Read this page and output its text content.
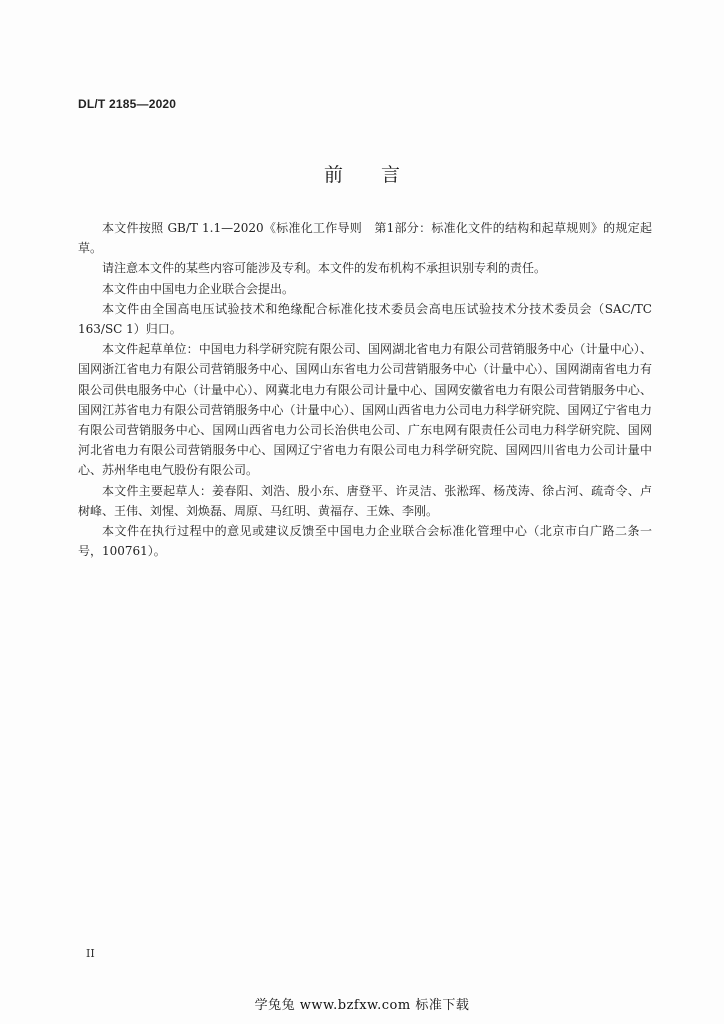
DL/T 2185—2020
前言

本文件按照 GB/T 1.1—2020《标准化工作导则　第1部分：标准化文件的结构和起草规则》的规定起草。

请注意本文件的某些内容可能涉及专利。本文件的发布机构不承担识别专利的责任。

本文件由中国电力企业联合会提出。

本文件由全国高电压试验技术和绝缘配合标准化技术委员会高电压试验技术分技术委员会（SAC/TC 163/SC 1）归口。

本文件起草单位：中国电力科学研究院有限公司、国网湖北省电力有限公司营销服务中心（计量中心）、国网浙江省电力有限公司营销服务中心、国网山东省电力公司营销服务中心（计量中心）、国网湖南省电力有限公司供电服务中心（计量中心）、网冀北电力有限公司计量中心、国网安徽省电力有限公司营销服务中心、国网江苏省电力有限公司营销服务中心（计量中心）、国网山西省电力公司电力科学研究院、国网辽宁省电力有限公司营销服务中心、国网山西省电力公司长治供电公司、广东电网有限责任公司电力科学研究院、国网河北省电力有限公司营销服务中心、国网辽宁省电力有限公司电力科学研究院、国网四川省电力公司计量中心、苏州华电电气股份有限公司。

本文件主要起草人：姜春阳、刘浩、殷小东、唐登平、许灵洁、张淞珲、杨茂涛、徐占河、疏奇令、卢树峰、王伟、刘惺、刘焕磊、周原、马红明、黄福存、王姝、李刚。

本文件在执行过程中的意见或建议反馈至中国电力企业联合会标准化管理中心（北京市白广路二条一号，100761）。

II
学兔兔 www.bzfxw.com 标准下载
